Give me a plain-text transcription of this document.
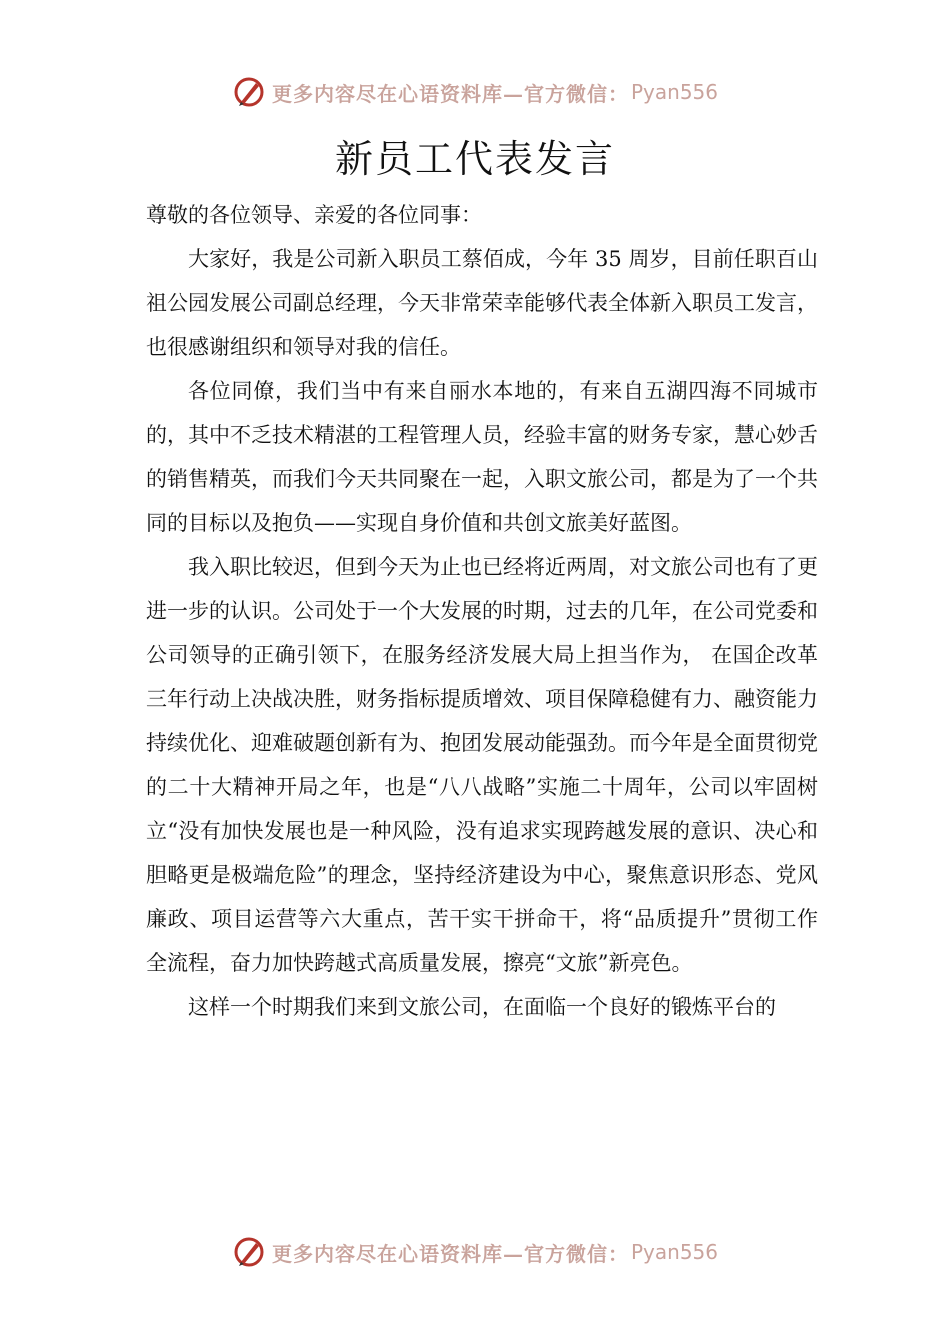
更多内容尽在心语资料库—官方微信： Pyan556
新员工代表发言

尊敬的各位领导、亲爱的各位同事：

大家好，我是公司新入职员工蔡佰成，今年 35 周岁，目前任职百山祖公园发展公司副总经理，今天非常荣幸能够代表全体新入职员工发言，也很感谢组织和领导对我的信任。

各位同僚，我们当中有来自丽水本地的，有来自五湖四海不同城市的，其中不乏技术精湛的工程管理人员，经验丰富的财务专家，慧心妙舌的销售精英，而我们今天共同聚在一起，入职文旅公司，都是为了一个共同的目标以及抱负——实现自身价值和共创文旅美好蓝图。

我入职比较迟，但到今天为止也已经将近两周，对文旅公司也有了更进一步的认识。公司处于一个大发展的时期，过去的几年，在公司党委和公司领导的正确引领下，在服务经济发展大局上担当作为， 在国企改革三年行动上决战决胜，财务指标提质增效、项目保障稳健有力、融资能力持续优化、迎难破题创新有为、抱团发展动能强劲。而今年是全面贯彻党的二十大精神开局之年，也是“八八战略”实施二十周年，公司以牢固树立“没有加快发展也是一种风险，没有追求实现跨越发展的意识、决心和胆略更是极端危险”的理念，坚持经济建设为中心，聚焦意识形态、党风廉政、项目运营等六大重点，苦干实干拼命干，将“品质提升”贯彻工作全流程，奋力加快跨越式高质量发展，擦亮“文旅”新亮色。

这样一个时期我们来到文旅公司，在面临一个良好的锻炼平台的

更多内容尽在心语资料库—官方微信： Pyan556
